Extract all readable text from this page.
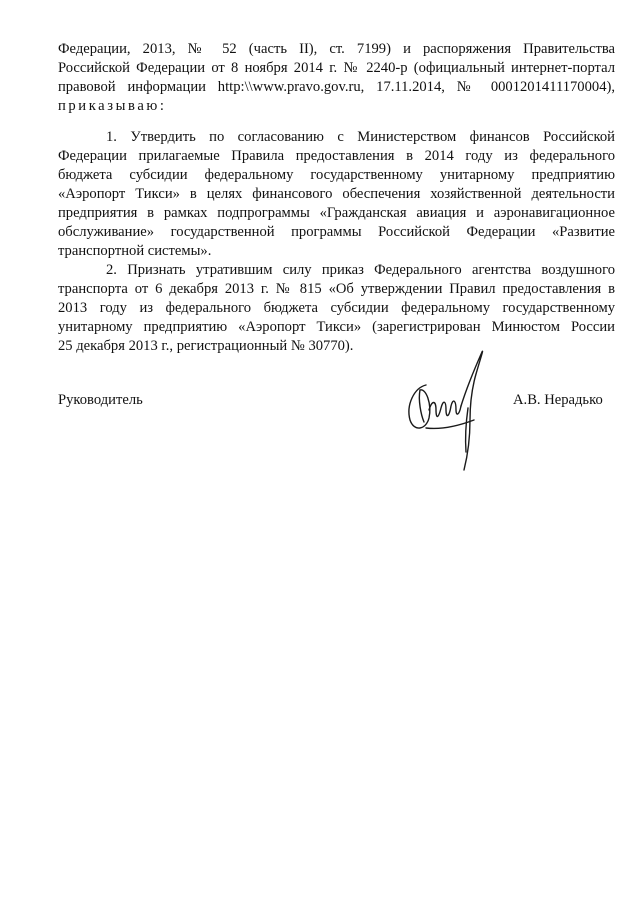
Федерации, 2013, № 52 (часть II), ст. 7199) и распоряжения Правительства
Российской Федерации от 8 ноября 2014 г. № 2240-р (официальный интернет-портал
правовой информации http:\\www.pravo.gov.ru, 17.11.2014, № 0001201411170004),
приказываю:
1. Утвердить по согласованию с Министерством финансов Российской
Федерации прилагаемые Правила предоставления в 2014 году из федерального
бюджета субсидии федеральному государственному унитарному предприятию
«Аэропорт Тикси» в целях финансового обеспечения хозяйственной деятельности
предприятия в рамках подпрограммы «Гражданская авиация и аэронавигационное
обслуживание» государственной программы Российской Федерации «Развитие
транспортной системы».
2. Признать утратившим силу приказ Федерального агентства воздушного
транспорта от 6 декабря 2013 г. № 815 «Об утверждении Правил предоставления в
2013 году из федерального бюджета субсидии федеральному государственному
унитарному предприятию «Аэропорт Тикси» (зарегистрирован Минюстом России
25 декабря 2013 г., регистрационный № 30770).
Руководитель	А.В. Нерадько
